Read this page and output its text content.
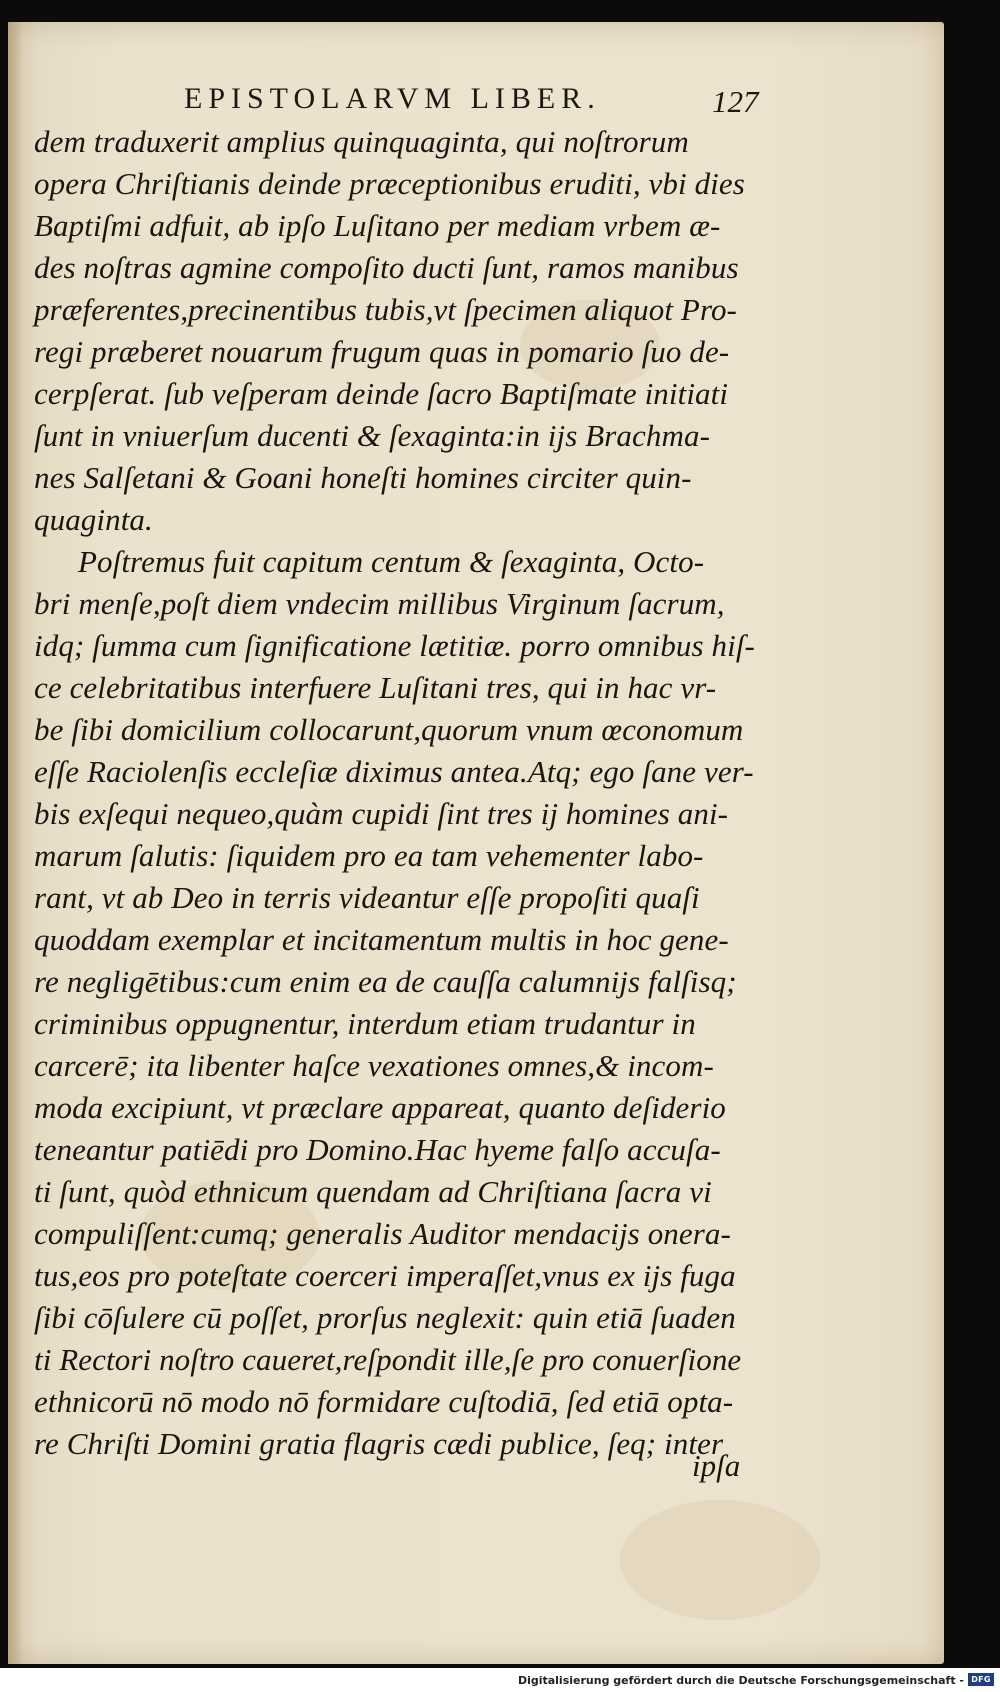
EPISTOLARVM LIBER.	127
dem traduxerit amplius quinquaginta, qui noſtrorum
opera Chriſtianis deinde præceptionibus eruditi, vbi dies
Baptiſmi adfuit, ab ipſo Luſitano per mediam vrbem æ-
des noſtras agmine compoſito ducti ſunt, ramos manibus
præferentes,precinentibus tubis,vt ſpecimen aliquot Pro-
regi præberet nouarum frugum quas in pomario ſuo de-
cerpſerat. ſub veſperam deinde ſacro Baptiſmate initiati
ſunt in vniuerſum ducenti & ſexaginta:in ijs Brachma-
nes Salſetani & Goani honeſti homines circiter quin-
quaginta.
Poſtremus fuit capitum centum & ſexaginta, Octo-
bri menſe,poſt diem vndecim millibus Virginum ſacrum,
idq; ſumma cum ſignificatione lætitiæ. porro omnibus hiſ-
ce celebritatibus interfuere Luſitani tres, qui in hac vr-
be ſibi domicilium collocarunt,quorum vnum œconomum
eſſe Raciolenſis eccleſiæ diximus antea.Atq; ego ſane ver-
bis exſequi nequeo,quàm cupidi ſint tres ij homines ani-
marum ſalutis: ſiquidem pro ea tam vehementer labo-
rant, vt ab Deo in terris videantur eſſe propoſiti quaſi
quoddam exemplar et incitamentum multis in hoc gene-
re negligētibus:cum enim ea de cauſſa calumnijs falſisq;
criminibus oppugnentur, interdum etiam trudantur in
carcerē; ita libenter haſce vexationes omnes,& incom-
moda excipiunt, vt præclare appareat, quanto deſiderio
teneantur patiēdi pro Domino.Hac hyeme falſo accuſa-
ti ſunt, quòd ethnicum quendam ad Chriſtiana ſacra vi
compuliſſent:cumq; generalis Auditor mendacijs onera-
tus,eos pro poteſtate coerceri imperaſſet,vnus ex ijs fuga
ſibi cōſulere cū poſſet, prorſus neglexit: quin etiā ſuaden
ti Rectori noſtro caueret,reſpondit ille,ſe pro conuerſione
ethnicorū nō modo nō formidare cuſtodiā, ſed etiā opta-
re Chriſti Domini gratia flagris cædi publice, ſeq; inter
ipſa
Digitalisierung gefördert durch die Deutsche Forschungsgemeinschaft - DFG
